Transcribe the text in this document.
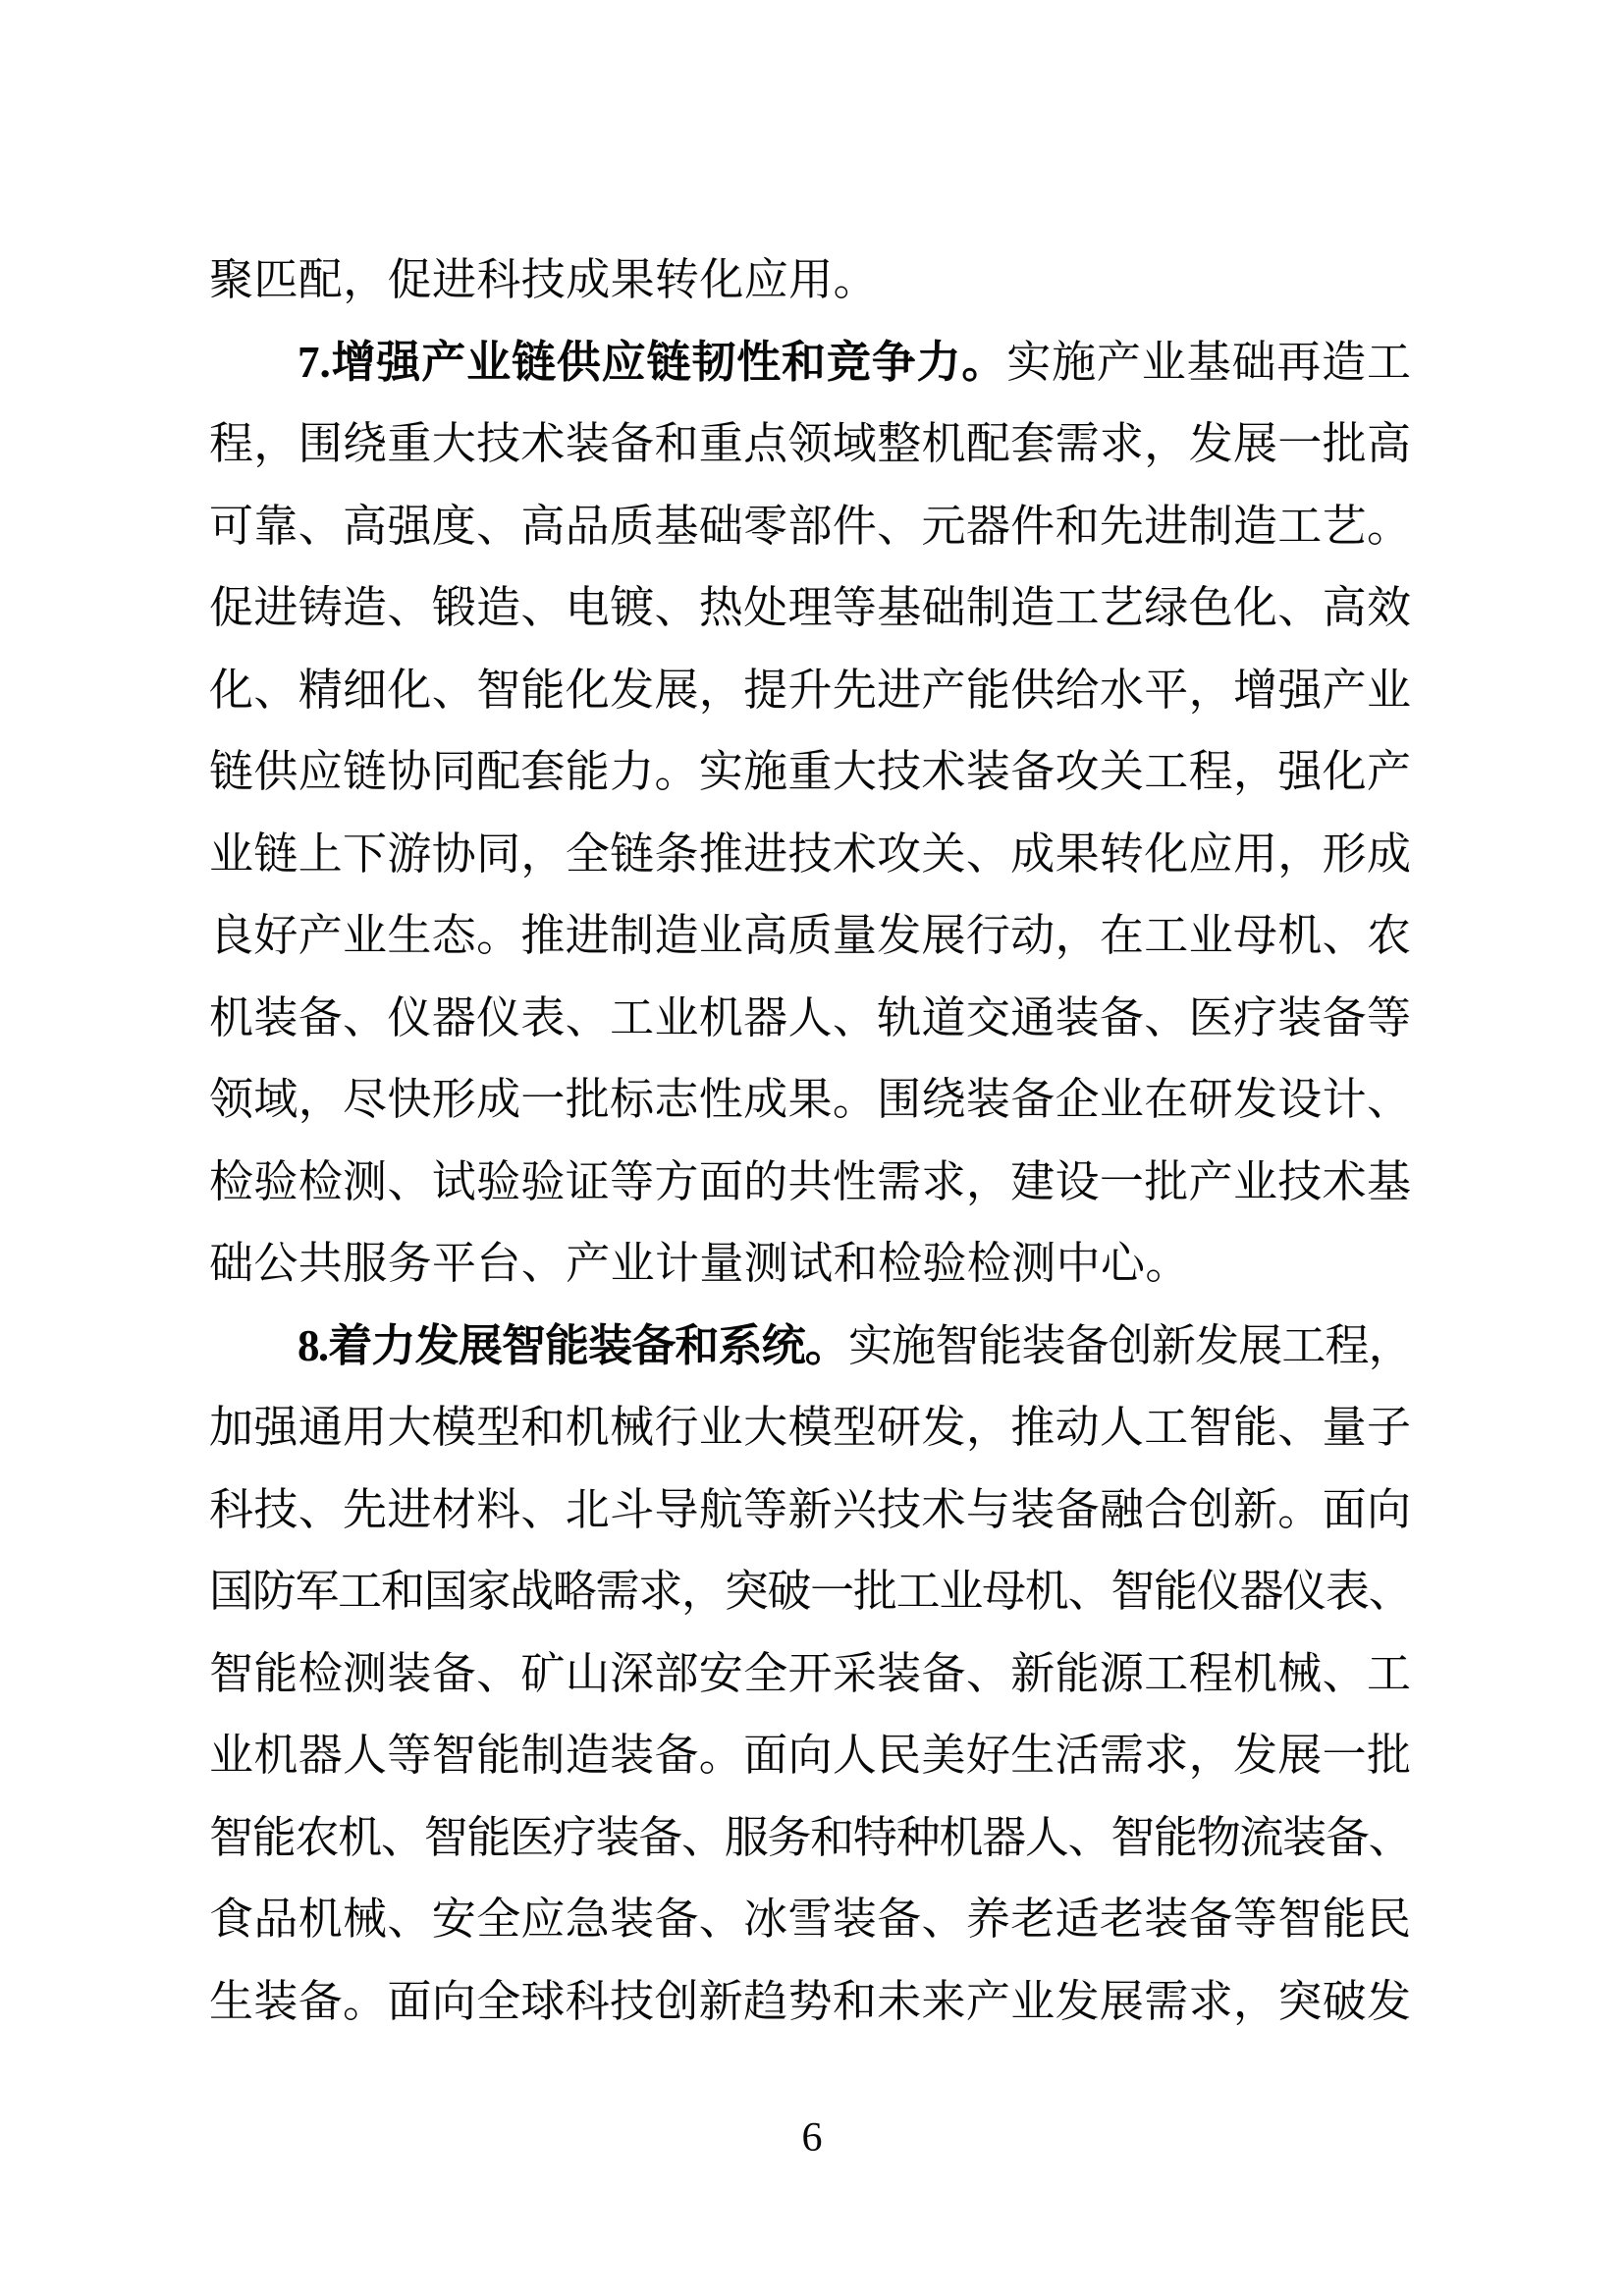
聚匹配，促进科技成果转化应用。
7.增强产业链供应链韧性和竞争力。实施产业基础再造工
程，围绕重大技术装备和重点领域整机配套需求，发展一批高
可靠、高强度、高品质基础零部件、元器件和先进制造工艺。
促进铸造、锻造、电镀、热处理等基础制造工艺绿色化、高效
化、精细化、智能化发展，提升先进产能供给水平，增强产业
链供应链协同配套能力。实施重大技术装备攻关工程，强化产
业链上下游协同，全链条推进技术攻关、成果转化应用，形成
良好产业生态。推进制造业高质量发展行动，在工业母机、农
机装备、仪器仪表、工业机器人、轨道交通装备、医疗装备等
领域，尽快形成一批标志性成果。围绕装备企业在研发设计、
检验检测、试验验证等方面的共性需求，建设一批产业技术基
础公共服务平台、产业计量测试和检验检测中心。
8.着力发展智能装备和系统。实施智能装备创新发展工程，
加强通用大模型和机械行业大模型研发，推动人工智能、量子
科技、先进材料、北斗导航等新兴技术与装备融合创新。面向
国防军工和国家战略需求，突破一批工业母机、智能仪器仪表、
智能检测装备、矿山深部安全开采装备、新能源工程机械、工
业机器人等智能制造装备。面向人民美好生活需求，发展一批
智能农机、智能医疗装备、服务和特种机器人、智能物流装备、
食品机械、安全应急装备、冰雪装备、养老适老装备等智能民
生装备。面向全球科技创新趋势和未来产业发展需求，突破发
6
